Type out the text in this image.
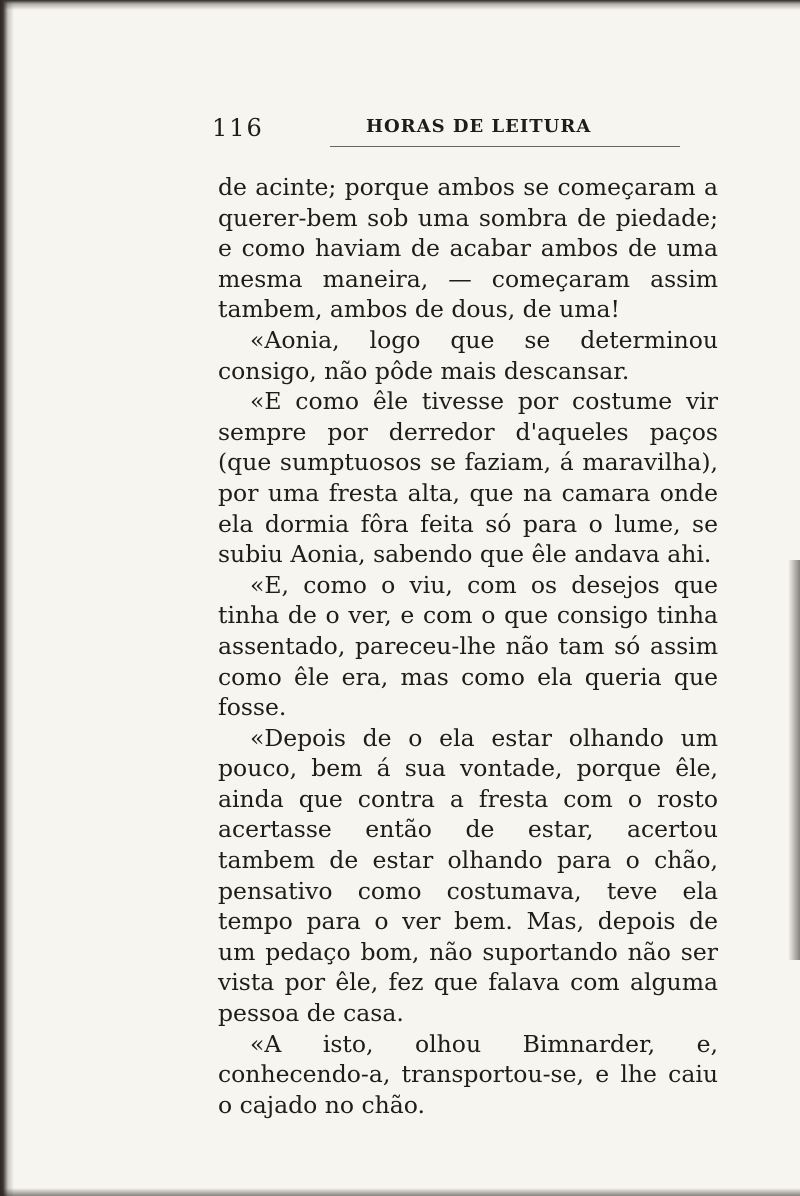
116	HORAS DE LEITURA

de acinte; porque ambos se começaram a querer-bem sob uma sombra de piedade; e como haviam de acabar ambos de uma mesma maneira, — começaram assim tambem, ambos de dous, de uma!

«Aonia, logo que se determinou consigo, não pôde mais descansar.

«E como êle tivesse por costume vir sempre por derredor d'aqueles paços (que sumptuosos se faziam, á maravilha), por uma fresta alta, que na camara onde ela dormia fôra feita só para o lume, se subiu Aonia, sabendo que êle andava ahi.

«E, como o viu, com os desejos que tinha de o ver, e com o que consigo tinha assentado, pareceu-lhe não tam só assim como êle era, mas como ela queria que fosse.

«Depois de o ela estar olhando um pouco, bem á sua vontade, porque êle, ainda que contra a fresta com o rosto acertasse então de estar, acertou tambem de estar olhando para o chão, pensativo como costumava, teve ela tempo para o ver bem. Mas, depois de um pedaço bom, não suportando não ser vista por êle, fez que falava com alguma pessoa de casa.

«A isto, olhou Bimnarder, e, conhecendo-a, transportou-se, e lhe caiu o cajado no chão.
